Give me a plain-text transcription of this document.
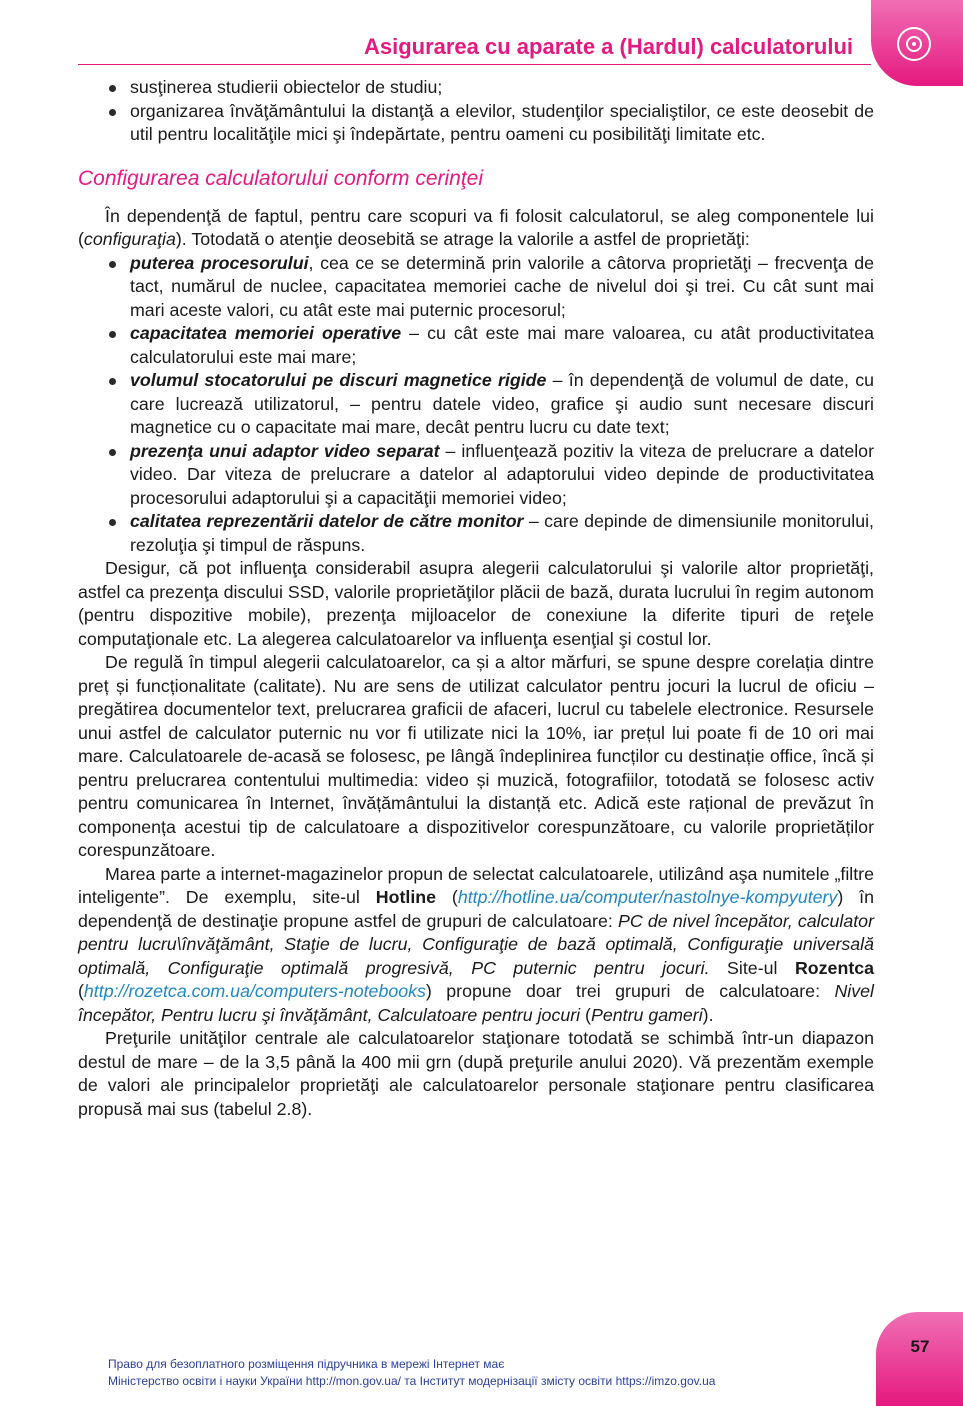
Asigurarea cu aparate a (Hardul) calculatorului

susţinerea studierii obiectelor de studiu;

organizarea învăţământului la distanţă a elevilor, studenţilor specialiştilor, ce este deosebit de util pentru localităţile mici şi îndepărtate, pentru oameni cu posibilităţi limitate etc.

Configurarea calculatorului conform cerinţei

În dependenţă de faptul, pentru care scopuri va fi folosit calculatorul, se aleg componentele lui (configuraţia). Totodată o atenţie deosebită se atrage la valorile a astfel de proprietăţi:

puterea procesorului, cea ce se determină prin valorile a câtorva proprietăţi – frecvenţa de tact, numărul de nuclee, capacitatea memoriei cache de nivelul doi şi trei. Cu cât sunt mai mari aceste valori, cu atât este mai puternic procesorul;

capacitatea memoriei operative – cu cât este mai mare valoarea, cu atât productivitatea calculatorului este mai mare;

volumul stocatorului pe discuri magnetice rigide – în dependenţă de volumul de date, cu care lucrează utilizatorul, – pentru datele video, grafice şi audio sunt necesare discuri magnetice cu o capacitate mai mare, decât pentru lucru cu date text;

prezenţa unui adaptor video separat – influenţează pozitiv la viteza de prelucrare a datelor video. Dar viteza de prelucrare a datelor al adaptorului video depinde de productivitatea procesorului adaptorului şi a capacităţii memoriei video;

calitatea reprezentării datelor de către monitor – care depinde de dimensiunile monitorului, rezoluţia şi timpul de răspuns.

Desigur, că pot influenţa considerabil asupra alegerii calculatorului şi valorile altor proprietăţi, astfel ca prezenţa discului SSD, valorile proprietăţilor plăcii de bază, durata lucrului în regim autonom (pentru dispozitive mobile), prezenţa mijloacelor de conexiune la diferite tipuri de reţele computaţionale etc. La alegerea calculatoarelor va influenţa esenţial şi costul lor.

De regulă în timpul alegerii calculatoarelor, ca și a altor mărfuri, se spune despre corelația dintre preț și funcționalitate (calitate). Nu are sens de utilizat calculator pentru jocuri la lucrul de oficiu – pregătirea documentelor text, prelucrarea graficii de afaceri, lucrul cu tabelele electronice. Resursele unui astfel de calculator puternic nu vor fi utilizate nici la 10%, iar prețul lui poate fi de 10 ori mai mare. Calculatoarele de-acasă se folosesc, pe lângă îndeplinirea funcților cu destinație office, încă și pentru prelucrarea contentului multimedia: video și muzică, fotografiilor, totodată se folosesc activ pentru comunicarea în Internet, învățământului la distanță etc. Adică este rațional de prevăzut în componența acestui tip de calculatoare a dispozitivelor corespunzătoare, cu valorile proprietăților corespunzătoare.

Marea parte a internet-magazinelor propun de selectat calculatoarele, utilizând aşa numitele „filtre inteligente”. De exemplu, site-ul Hotline (http://hotline.ua/computer/nastolnye-kompyutery) în dependenţă de destinaţie propune astfel de grupuri de calculatoare: PC de nivel începător, calculator pentru lucru\învăţământ, Staţie de lucru, Configuraţie de bază optimală, Configuraţie universală optimală, Configuraţie optimală progresivă, PC puternic pentru jocuri. Site-ul Rozentca (http://rozetca.com.ua/computers-notebooks) propune doar trei grupuri de calculatoare: Nivel începător, Pentru lucru şi învăţământ, Calculatoare pentru jocuri (Pentru gameri).

Preţurile unităţilor centrale ale calculatoarelor staţionare totodată se schimbă într-un diapazon destul de mare – de la 3,5 până la 400 mii grn (după preţurile anului 2020). Vă prezentăm exemple de valori ale principalelor proprietăţi ale calculatoarelor personale staţionare pentru clasificarea propusă mai sus (tabelul 2.8).

57
Право для безоплатного розміщення підручника в мережі Інтернет має
Міністерство освіти і науки України http://mon.gov.ua/ та Інститут модернізації змісту освіти https://imzo.gov.ua
